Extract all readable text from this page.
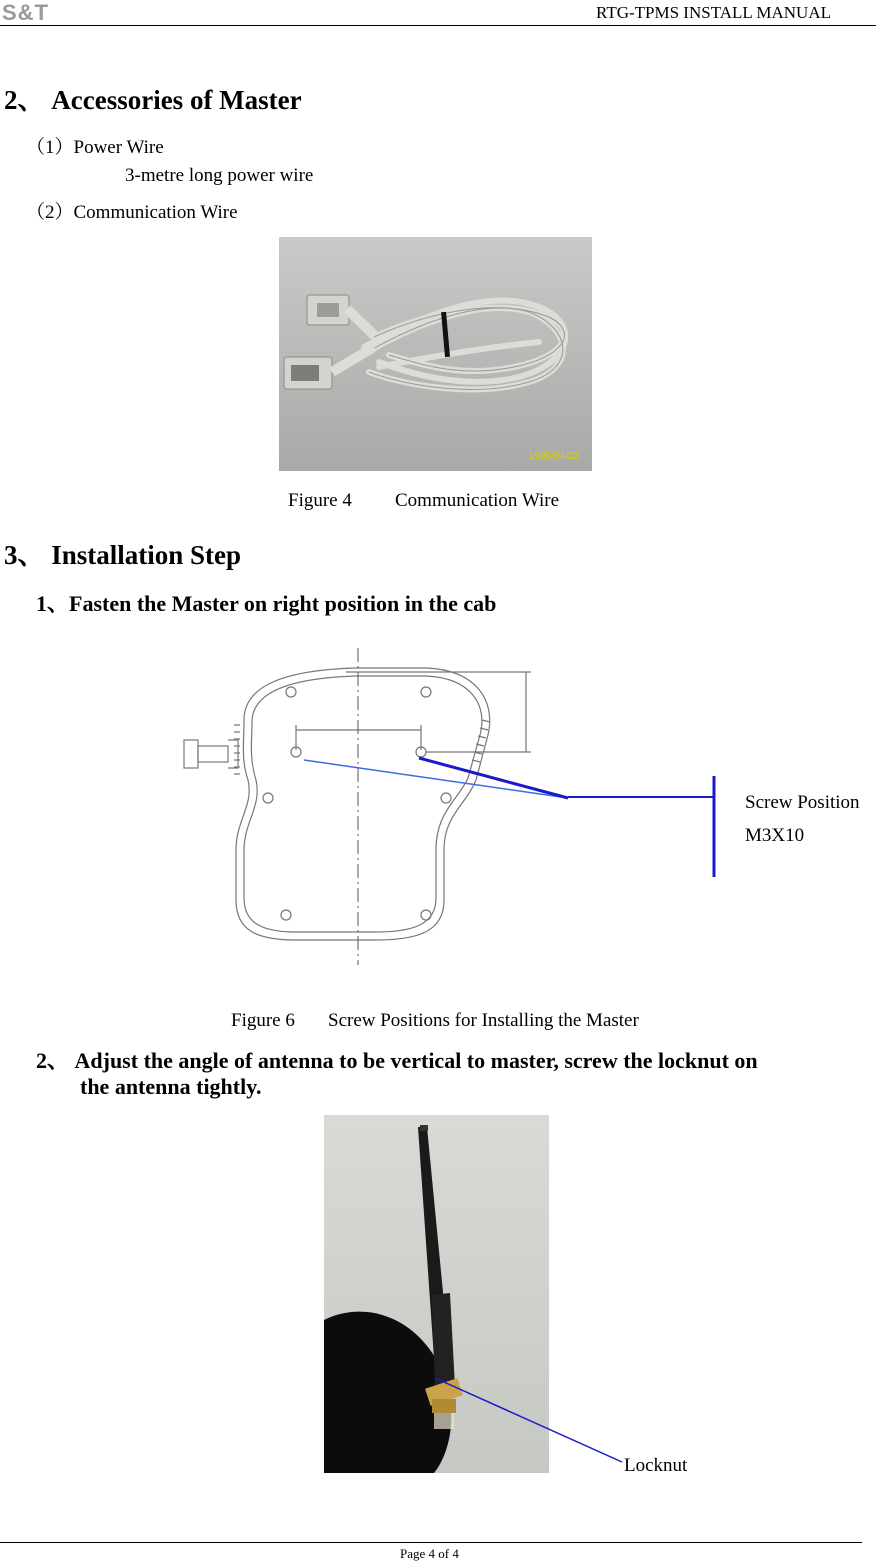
S&T	RTG-TPMS INSTALL MANUAL
2、 Accessories of Master
（1）Power Wire
3-metre long power wire
（2）Communication Wire
1995/04/22
Figure 4 Communication Wire
3、 Installation Step
1、Fasten the Master on right position in the cab
Screw Position
M3X10
Figure 6 Screw Positions for Installing the Master
2、 Adjust the angle of antenna to be vertical to master, screw the locknut on
the antenna tightly.
Locknut
Page 4 of 4
